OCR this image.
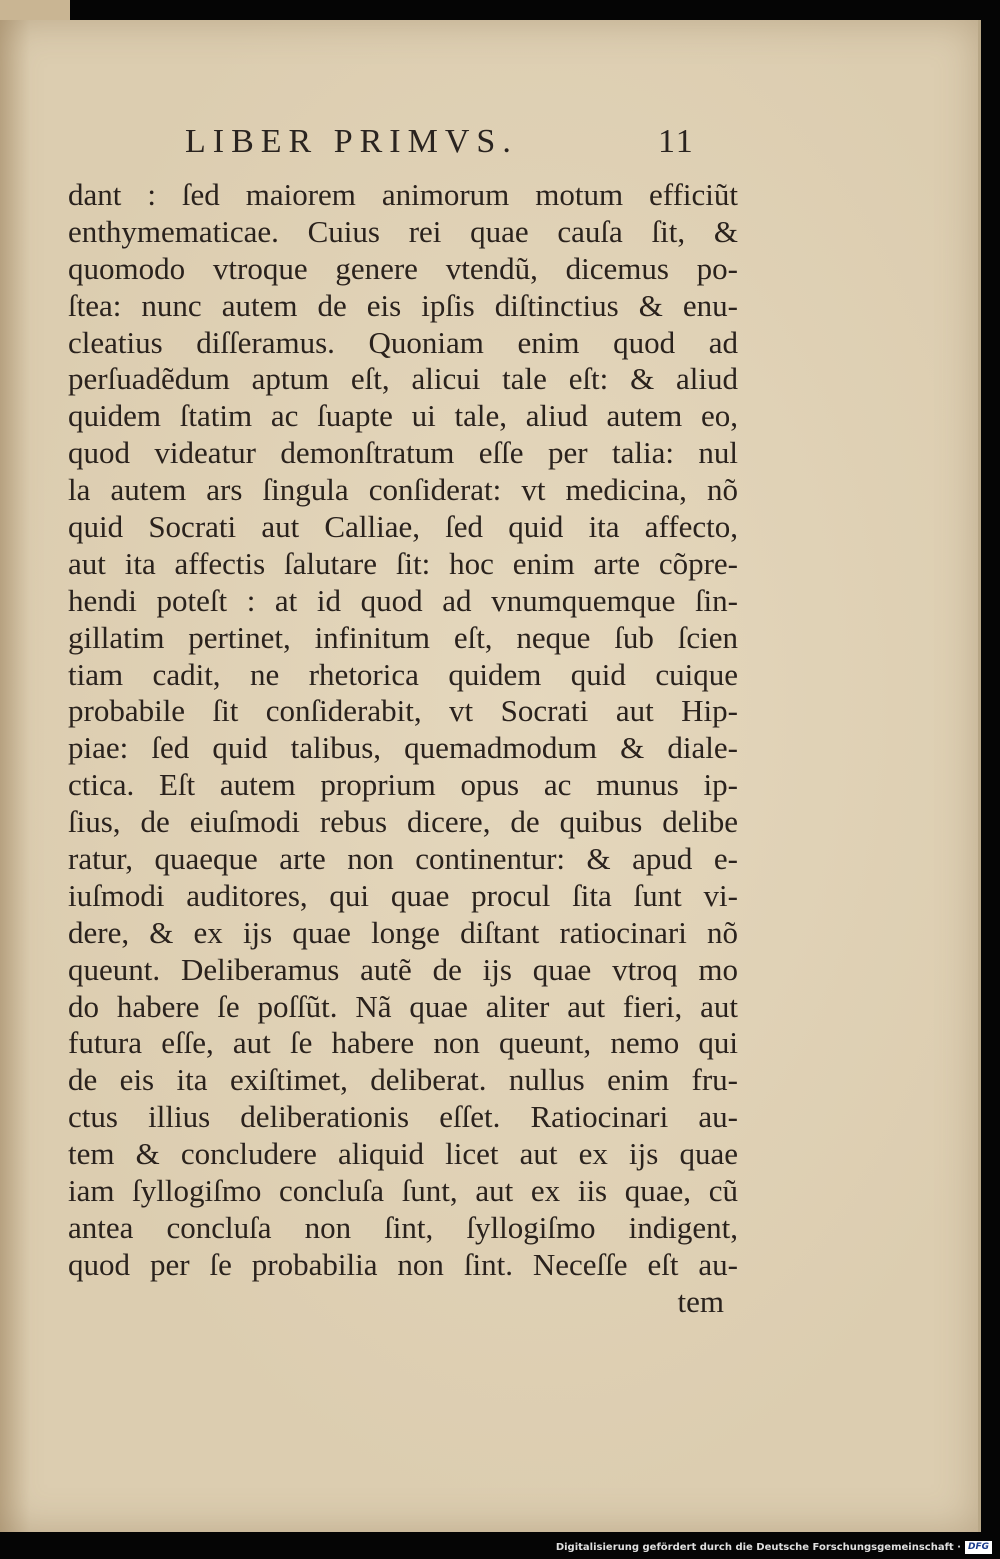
LIBER PRIMVS.	11
dant : ſed maiorem animorum motum efficiũt
enthymematicae. Cuius rei quae cauſa ſit, &
quomodo vtroque genere vtendũ, dicemus po-
ſtea: nunc autem de eis ipſis diſtinctius & enu-
cleatius diſſeramus. Quoniam enim quod ad
perſuadẽdum aptum eſt, alicui tale eſt: & aliud
quidem ſtatim ac ſuapte ui tale, aliud autem eo,
quod videatur demonſtratum eſſe per talia: nul
la autem ars ſingula conſiderat: vt medicina, nõ
quid Socrati aut Calliae, ſed quid ita affecto,
aut ita affectis ſalutare ſit: hoc enim arte cõpre-
hendi poteſt : at id quod ad vnumquemque ſin-
gillatim pertinet, infinitum eſt, neque ſub ſcien
tiam cadit, ne rhetorica quidem quid cuique
probabile ſit conſiderabit, vt Socrati aut Hip-
piae: ſed quid talibus, quemadmodum & diale-
ctica. Eſt autem proprium opus ac munus ip-
ſius, de eiuſmodi rebus dicere, de quibus delibe
ratur, quaeque arte non continentur: & apud e-
iuſmodi auditores, qui quae procul ſita ſunt vi-
dere, & ex ijs quae longe diſtant ratiocinari nõ
queunt. Deliberamus autẽ de ijs quae vtroq mo
do habere ſe poſſũt. Nã quae aliter aut fieri, aut
futura eſſe, aut ſe habere non queunt, nemo qui
de eis ita exiſtimet, deliberat. nullus enim fru-
ctus illius deliberationis eſſet. Ratiocinari au-
tem & concludere aliquid licet aut ex ijs quae
iam ſyllogiſmo concluſa ſunt, aut ex iis quae, cũ
antea concluſa non ſint, ſyllogiſmo indigent,
quod per ſe probabilia non ſint. Neceſſe eſt au-
tem
Digitalisierung gefördert durch die Deutsche Forschungsgemeinschaft · DFG
